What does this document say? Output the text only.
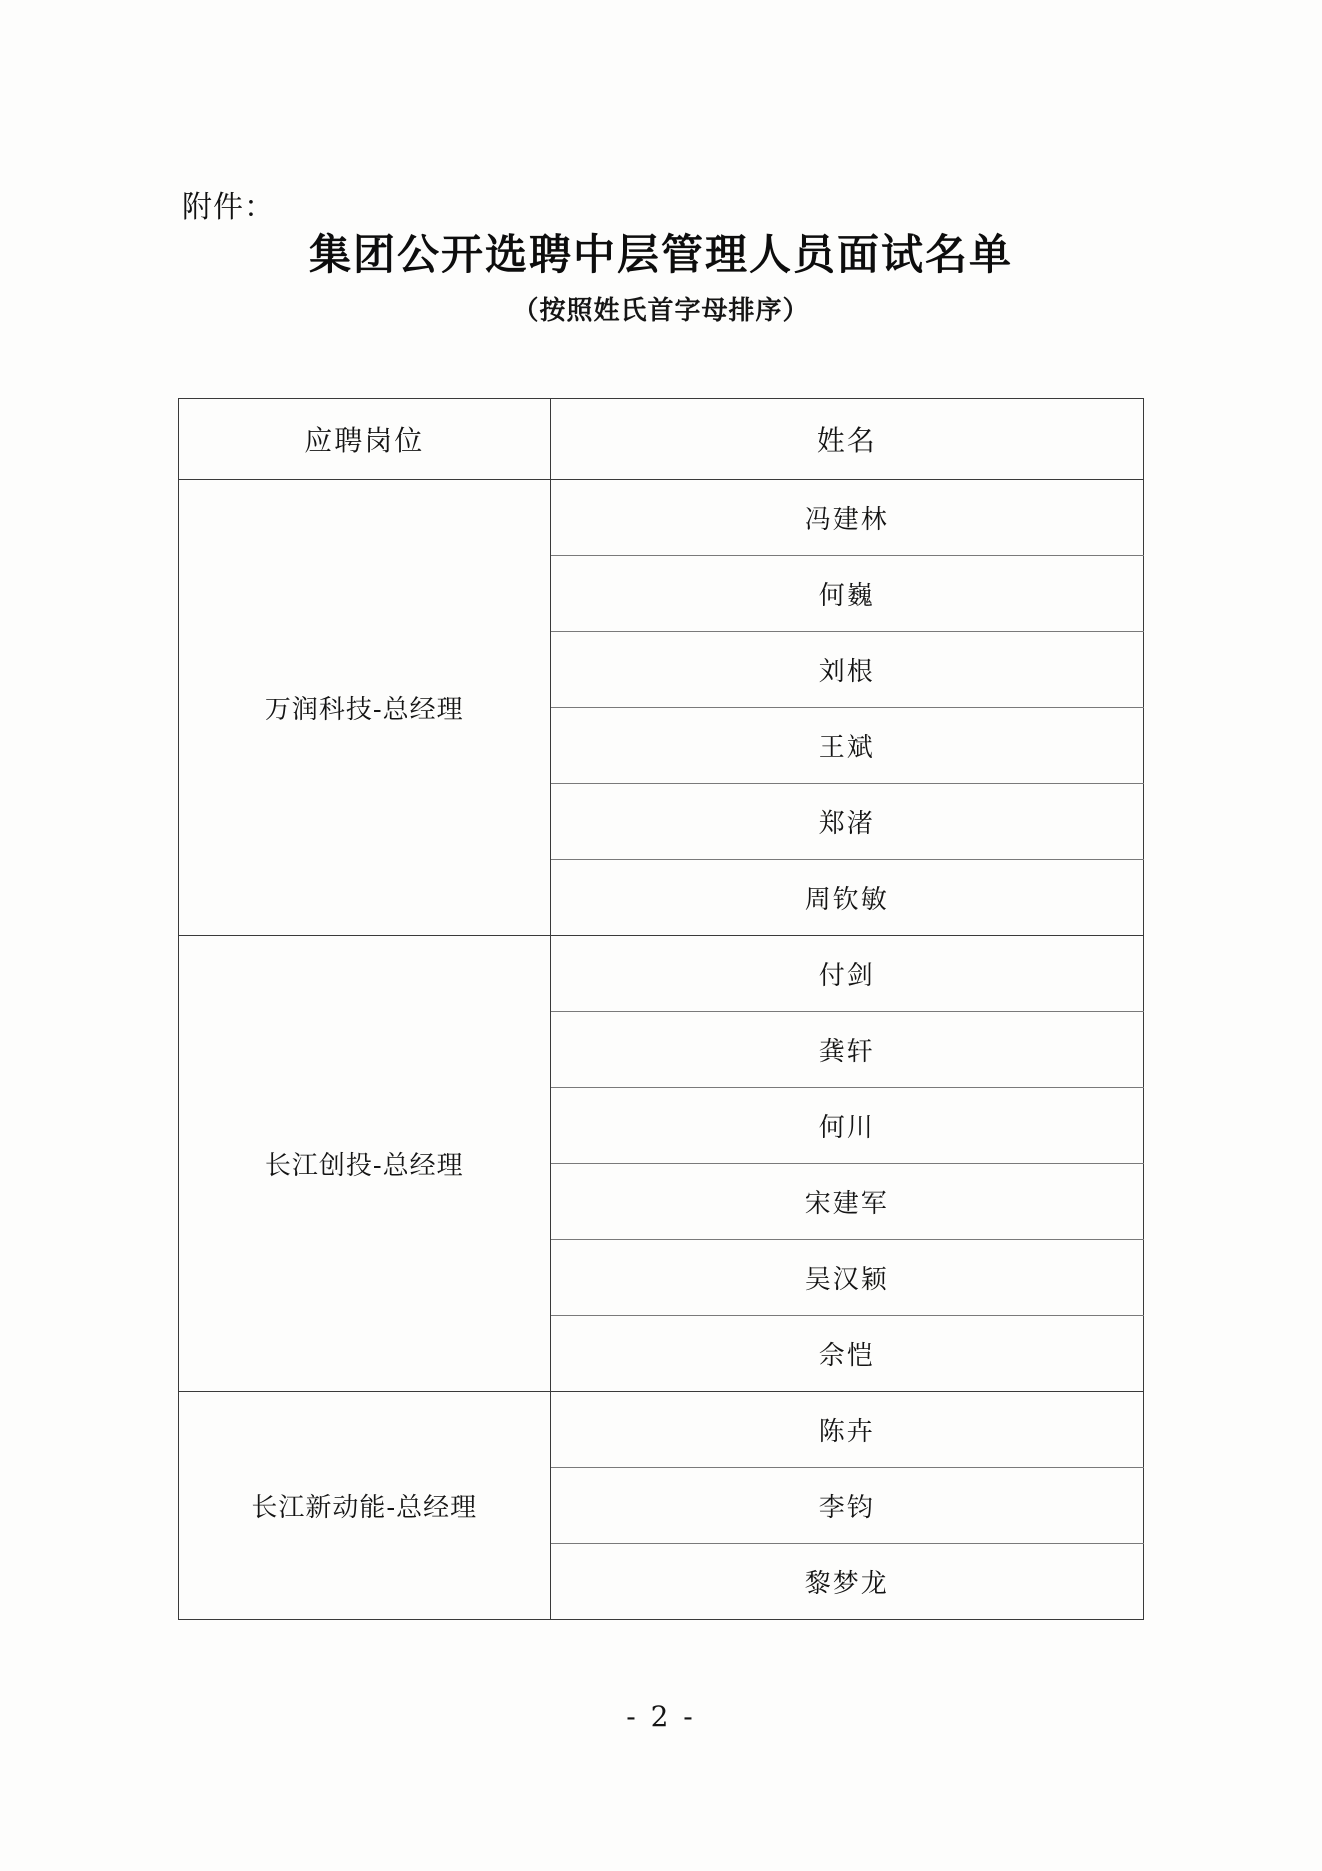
附件：
集团公开选聘中层管理人员面试名单
（按照姓氏首字母排序）
应聘岗位	姓名
万润科技-总经理	冯建林
	何巍
	刘根
	王斌
	郑渚
	周钦敏
长江创投-总经理	付剑
	龚轩
	何川
	宋建军
	吴汉颖
	佘恺
长江新动能-总经理	陈卉
	李钧
	黎梦龙
- 2 -
